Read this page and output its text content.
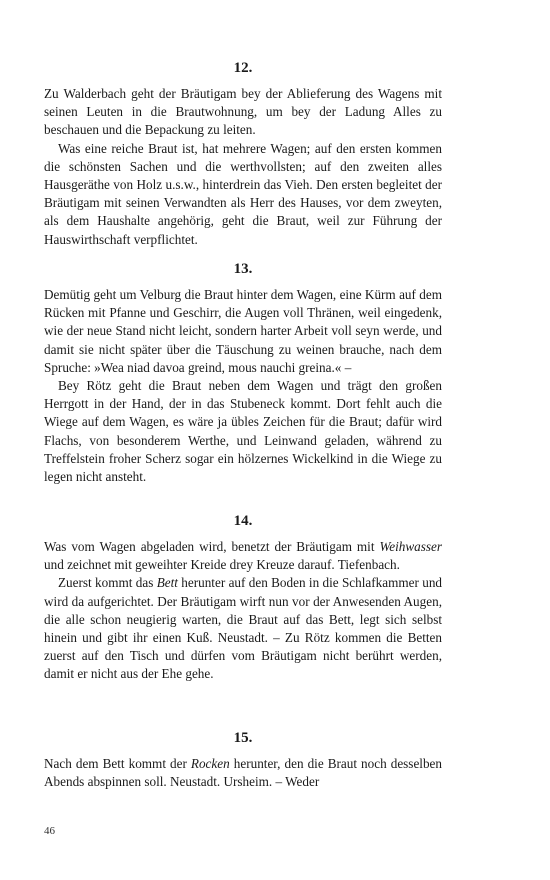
12.

Zu Walderbach geht der Bräutigam bey der Ablieferung des Wagens mit seinen Leuten in die Brautwohnung, um bey der Ladung Alles zu beschauen und die Bepackung zu leiten.

Was eine reiche Braut ist, hat mehrere Wagen; auf den ersten kommen die schönsten Sachen und die werthvollsten; auf den zweiten alles Hausgeräthe von Holz u.s.w., hinterdrein das Vieh. Den ersten begleitet der Bräutigam mit seinen Verwandten als Herr des Hauses, vor dem zweyten, als dem Haushalte angehörig, geht die Braut, weil zur Führung der Hauswirthschaft verpflichtet.

13.

Demütig geht um Velburg die Braut hinter dem Wagen, eine Kürm auf dem Rücken mit Pfanne und Geschirr, die Augen voll Thränen, weil eingedenk, wie der neue Stand nicht leicht, sondern harter Arbeit voll seyn werde, und damit sie nicht später über die Täuschung zu weinen brauche, nach dem Spruche: »Wea niad davoa greind, mous nauchi greina.« –

Bey Rötz geht die Braut neben dem Wagen und trägt den großen Herrgott in der Hand, der in das Stubeneck kommt. Dort fehlt auch die Wiege auf dem Wagen, es wäre ja übles Zeichen für die Braut; dafür wird Flachs, von besonderem Werthe, und Leinwand geladen, während zu Treffelstein froher Scherz sogar ein hölzernes Wickelkind in die Wiege zu legen nicht ansteht.

14.

Was vom Wagen abgeladen wird, benetzt der Bräutigam mit Weihwasser und zeichnet mit geweihter Kreide drey Kreuze darauf. Tiefenbach.

Zuerst kommt das Bett herunter auf den Boden in die Schlafkammer und wird da aufgerichtet. Der Bräutigam wirft nun vor der Anwesenden Augen, die alle schon neugierig warten, die Braut auf das Bett, legt sich selbst hinein und gibt ihr einen Kuß. Neustadt. – Zu Rötz kommen die Betten zuerst auf den Tisch und dürfen vom Bräutigam nicht berührt werden, damit er nicht aus der Ehe gehe.

15.

Nach dem Bett kommt der Rocken herunter, den die Braut noch desselben Abends abspinnen soll. Neustadt. Ursheim. – Weder

46
